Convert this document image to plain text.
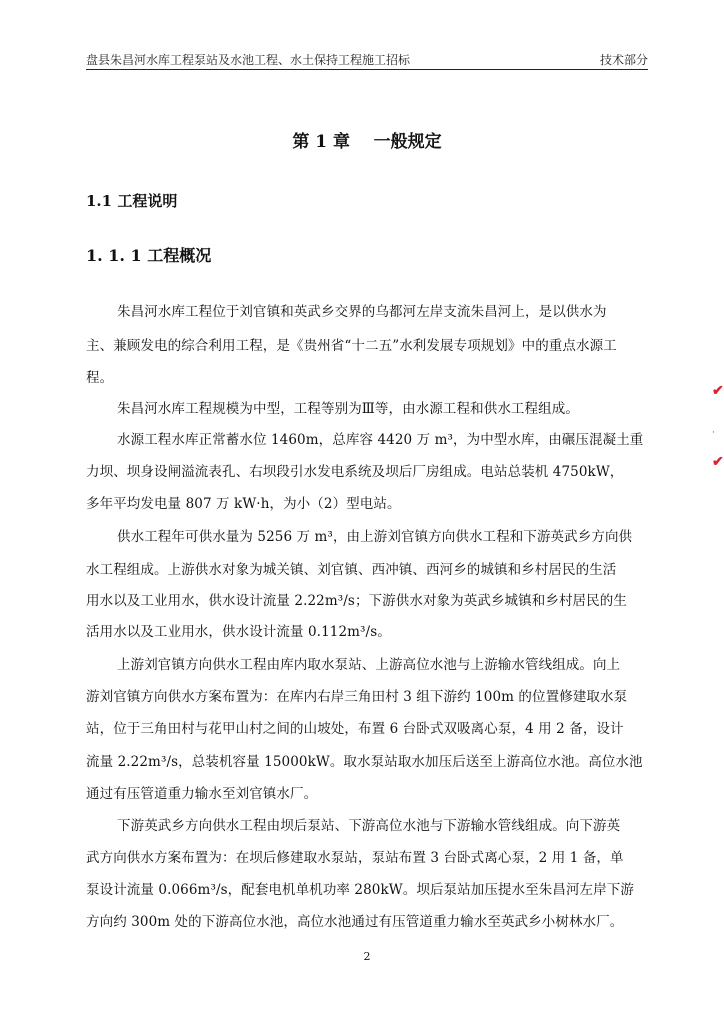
盘县朱昌河水库工程泵站及水池工程、水土保持工程施工招标	技术部分
第 1 章    一般规定
1.1 工程说明
1. 1. 1 工程概况
朱昌河水库工程位于刘官镇和英武乡交界的乌都河左岸支流朱昌河上，是以供水为
主、兼顾发电的综合利用工程，是《贵州省“十二五”水利发展专项规划》中的重点水源工
程。
朱昌河水库工程规模为中型，工程等别为Ⅲ等，由水源工程和供水工程组成。
水源工程水库正常蓄水位 1460m，总库容 4420 万 m³，为中型水库，由碾压混凝土重
力坝、坝身设闸溢流表孔、右坝段引水发电系统及坝后厂房组成。电站总装机 4750kW，
多年平均发电量 807 万 kW·h，为小（2）型电站。
供水工程年可供水量为 5256 万 m³，由上游刘官镇方向供水工程和下游英武乡方向供
水工程组成。上游供水对象为城关镇、刘官镇、西冲镇、西河乡的城镇和乡村居民的生活
用水以及工业用水，供水设计流量 2.22m³/s；下游供水对象为英武乡城镇和乡村居民的生
活用水以及工业用水，供水设计流量 0.112m³/s。
上游刘官镇方向供水工程由库内取水泵站、上游高位水池与上游输水管线组成。向上
游刘官镇方向供水方案布置为：在库内右岸三角田村 3 组下游约 100m 的位置修建取水泵
站，位于三角田村与花甲山村之间的山坡处，布置 6 台卧式双吸离心泵，4 用 2 备，设计
流量 2.22m³/s，总装机容量 15000kW。取水泵站取水加压后送至上游高位水池。高位水池
通过有压管道重力输水至刘官镇水厂。
下游英武乡方向供水工程由坝后泵站、下游高位水池与下游输水管线组成。向下游英
武方向供水方案布置为：在坝后修建取水泵站，泵站布置 3 台卧式离心泵，2 用 1 备，单
泵设计流量 0.066m³/s，配套电机单机功率 280kW。坝后泵站加压提水至朱昌河左岸下游
方向约 300m 处的下游高位水池，高位水池通过有压管道重力输水至英武乡小树林水厂。
2
✔
·
✔
